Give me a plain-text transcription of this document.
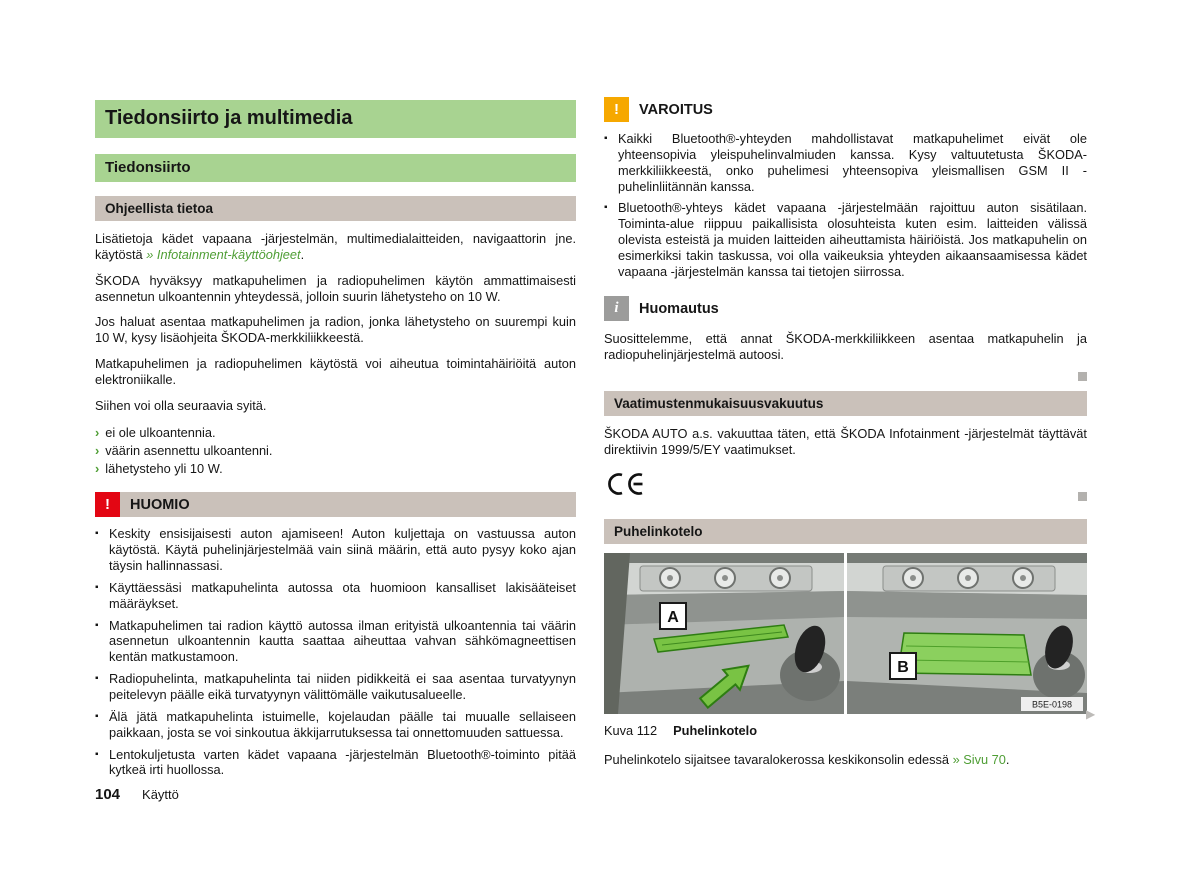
Tiedonsiirto ja multimedia
Tiedonsiirto
Ohjeellista tietoa

Lisätietoja kädet vapaana -järjestelmän, multimedialaitteiden, navigaattorin jne. käytöstä » Infotainment-käyttöohjeet.

ŠKODA hyväksyy matkapuhelimen ja radiopuhelimen käytön ammattimaisesti asennetun ulkoantennin yhteydessä, jolloin suurin lähetysteho on 10 W.

Jos haluat asentaa matkapuhelimen ja radion, jonka lähetysteho on suurempi kuin 10 W, kysy lisäohjeita ŠKODA-merkkiliikkeestä.

Matkapuhelimen ja radiopuhelimen käytöstä voi aiheutua toimintahäiriöitä auton elektroniikalle.

Siihen voi olla seuraavia syitä.

› ei ole ulkoantennia.
› väärin asennettu ulkoantenni.
› lähetysteho yli 10 W.
!	HUOMIO
▪ Keskity ensisijaisesti auton ajamiseen! Auton kuljettaja on vastuussa auton käytöstä. Käytä puhelinjärjestelmää vain siinä määrin, että auto pysyy koko ajan täysin hallinnassasi.
▪ Käyttäessäsi matkapuhelinta autossa ota huomioon kansalliset lakisääteiset määräykset.
▪ Matkapuhelimen tai radion käyttö autossa ilman erityistä ulkoantennia tai väärin asennetun ulkoantennin kautta saattaa aiheuttaa vahvan sähkömagneettisen kentän matkustamoon.
▪ Radiopuhelinta, matkapuhelinta tai niiden pidikkeitä ei saa asentaa turvatyynyn peitelevyn päälle eikä turvatyynyn välittömälle vaikutusalueelle.
▪ Älä jätä matkapuhelinta istuimelle, kojelaudan päälle tai muualle sellaiseen paikkaan, josta se voi sinkoutua äkkijarrutuksessa tai onnettomuuden sattuessa.
▪ Lentokuljetusta varten kädet vapaana -järjestelmän Bluetooth®-toiminto pitää kytkeä irti huollossa.
!	VAROITUS
▪ Kaikki Bluetooth®-yhteyden mahdollistavat matkapuhelimet eivät ole yhteensopivia yleispuhelinvalmiuden kanssa. Kysy valtuutetusta ŠKODA-merkkiliikkeestä, onko puhelimesi yhteensopiva yleismallisen GSM II -puhelinliitännän kanssa.
▪ Bluetooth®-yhteys kädet vapaana -järjestelmään rajoittuu auton sisätilaan. Toiminta-alue riippuu paikallisista olosuhteista kuten esim. laitteiden välissä olevista esteistä ja muiden laitteiden aiheuttamista häiriöistä. Jos matkapuhelin on esimerkiksi takin taskussa, voi olla vaikeuksia yhteyden aikaansaamisessa kädet vapaana -järjestelmän kanssa tai tietojen siirrossa.
i	Huomautus

Suosittelemme, että annat ŠKODA-merkkiliikkeen asentaa matkapuhelin ja radiopuhelinjärjestelmä autoosi.

Vaatimustenmukaisuusvakuutus

ŠKODA AUTO a.s. vakuuttaa täten, että ŠKODA Infotainment -järjestelmät täyttävät direktiivin 1999/5/EY vaatimukset.

Puhelinkotelo
A
B
B5E-0198
Kuva 112 Puhelinkotelo

Puhelinkotelo sijaitsee tavaralokerossa keskikonsolin edessä » Sivu 70.

▶
104 Käyttö
